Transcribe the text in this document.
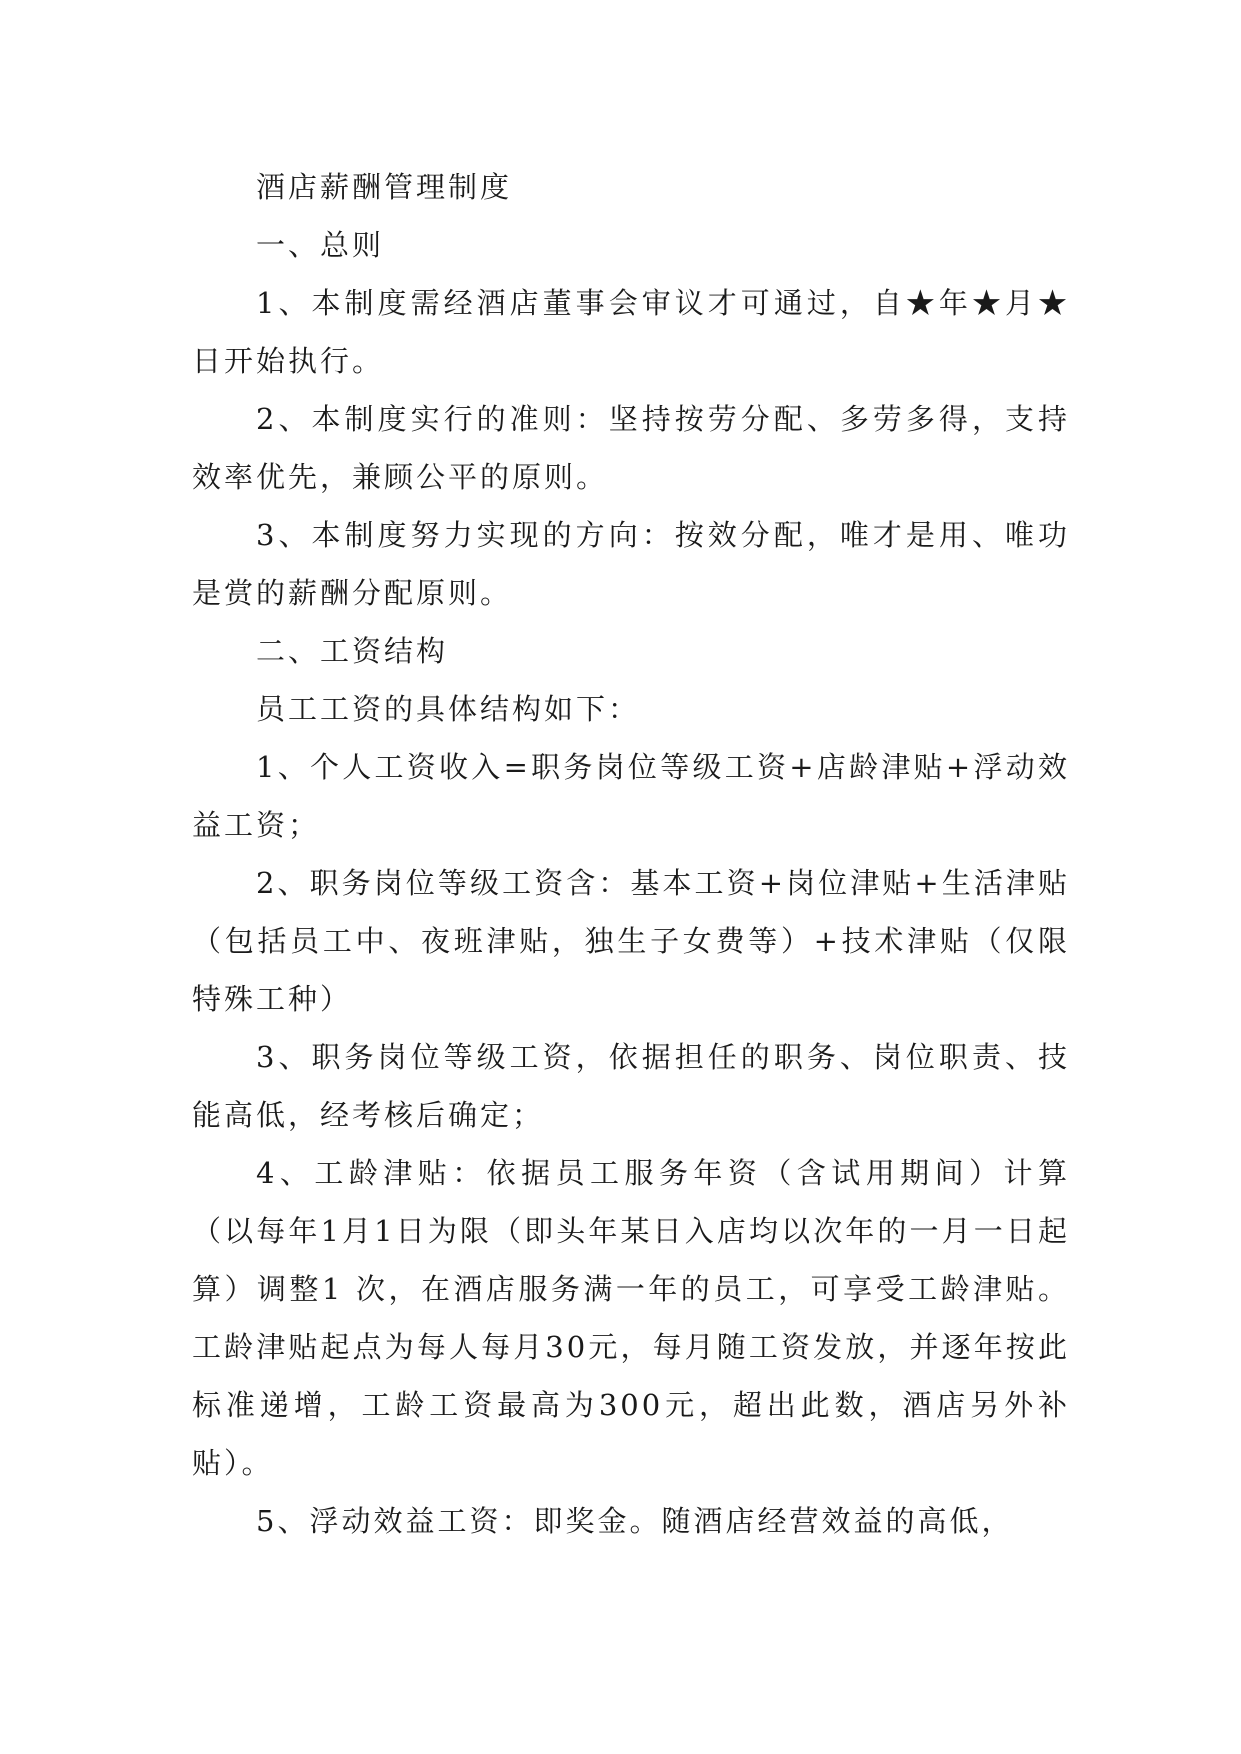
酒店薪酬管理制度

一、总则

1、本制度需经酒店董事会审议才可通过，自★年★月★日开始执行。

2、本制度实行的准则：坚持按劳分配、多劳多得，支持效率优先，兼顾公平的原则。

3、本制度努力实现的方向：按效分配，唯才是用、唯功是赏的薪酬分配原则。

二、工资结构

员工工资的具体结构如下：

1、个人工资收入=职务岗位等级工资+店龄津贴+浮动效益工资；

2、职务岗位等级工资含：基本工资+岗位津贴+生活津贴（包括员工中、夜班津贴，独生子女费等）+技术津贴（仅限特殊工种）

3、职务岗位等级工资，依据担任的职务、岗位职责、技能高低，经考核后确定；

4、工龄津贴：依据员工服务年资（含试用期间）计算（以每年1月1日为限（即头年某日入店均以次年的一月一日起算）调整1 次，在酒店服务满一年的员工，可享受工龄津贴。工龄津贴起点为每人每月30元，每月随工资发放，并逐年按此标准递增，工龄工资最高为300元，超出此数，酒店另外补贴）。

5、浮动效益工资：即奖金。随酒店经营效益的高低，
